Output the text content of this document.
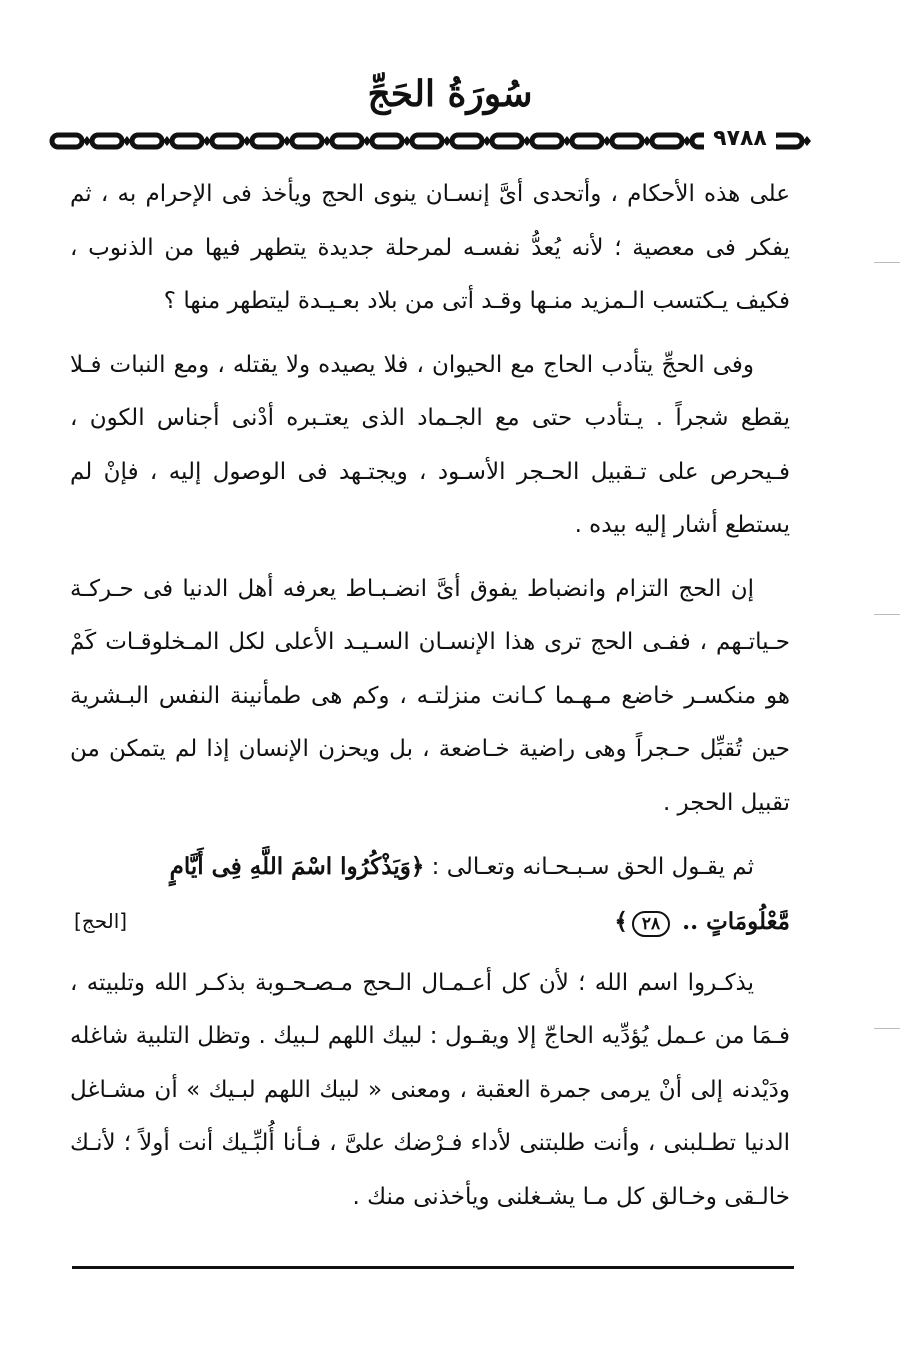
سُورَةُ الحَجِّ
٩٧٨٨

على هذه الأحكام ، وأتحدى أىَّ إنسـان ينوى الحج ويأخذ فى الإحرام به ، ثم يفكر فى معصية ؛ لأنه يُعدُّ نفسـه لمرحلة جديدة يتطهر فيها من الذنوب ، فكيف يـكتسب الـمزيد منـها وقـد أتى من بلاد بعـيـدة ليتطهر منها ؟

وفى الحجِّ يتأدب الحاج مع الحيوان ، فلا يصيده ولا يقتله ، ومع النبات فـلا يقطع شجراً . يـتأدب حتى مع الجـماد الذى يعتـبره أدْنى أجناس الكون ، فـيحرص على تـقبيل الحـجر الأسـود ، ويجتـهد فى الوصول إليه ، فإنْ لم يستطع أشار إليه بيده .

إن الحج التزام وانضباط يفوق أىَّ انضـبـاط يعرفه أهل الدنيا فى حـركـة حـياتـهم ، ففـى الحج ترى هذا الإنسـان السـيـد الأعلى لكل المـخلوقـات كَمْ هو منكسـر خاضع مـهـما كـانت منزلتـه ، وكم هى طمأنينة النفس البـشرية حين تُقبِّل حـجراً وهى راضية خـاضعة ، بل ويحزن الإنسان إذا لم يتمكن من تقبيل الحجر .

ثم يقـول الحق سـبـحـانه وتعـالى : ﴿وَيَذْكُرُوا اسْمَ اللَّهِ فِى أَيَّامٍ

مَّعْلُومَاتٍ .. ٢٨﴾
[الحج]

يذكـروا اسم الله ؛ لأن كل أعـمـال الـحج مـصـحـوبة بذكـر الله وتلبيته ، فـمَا من عـمل يُؤدِّيه الحاجّ إلا ويقـول : لبيك اللهم لـبيك . وتظل التلبية شاغله ودَيْدنه إلى أنْ يرمى جمرة العقبة ، ومعنى « لبيك اللهم لبـيك » أن مشـاغل الدنيا تطـلبنى ، وأنت طلبتنى لأداء فـرْضك علىَّ ، فـأنا أُلبِّـيك أنت أولاً ؛ لأنـك خالـقى وخـالق كل مـا يشـغلنى ويأخذنى منك .
